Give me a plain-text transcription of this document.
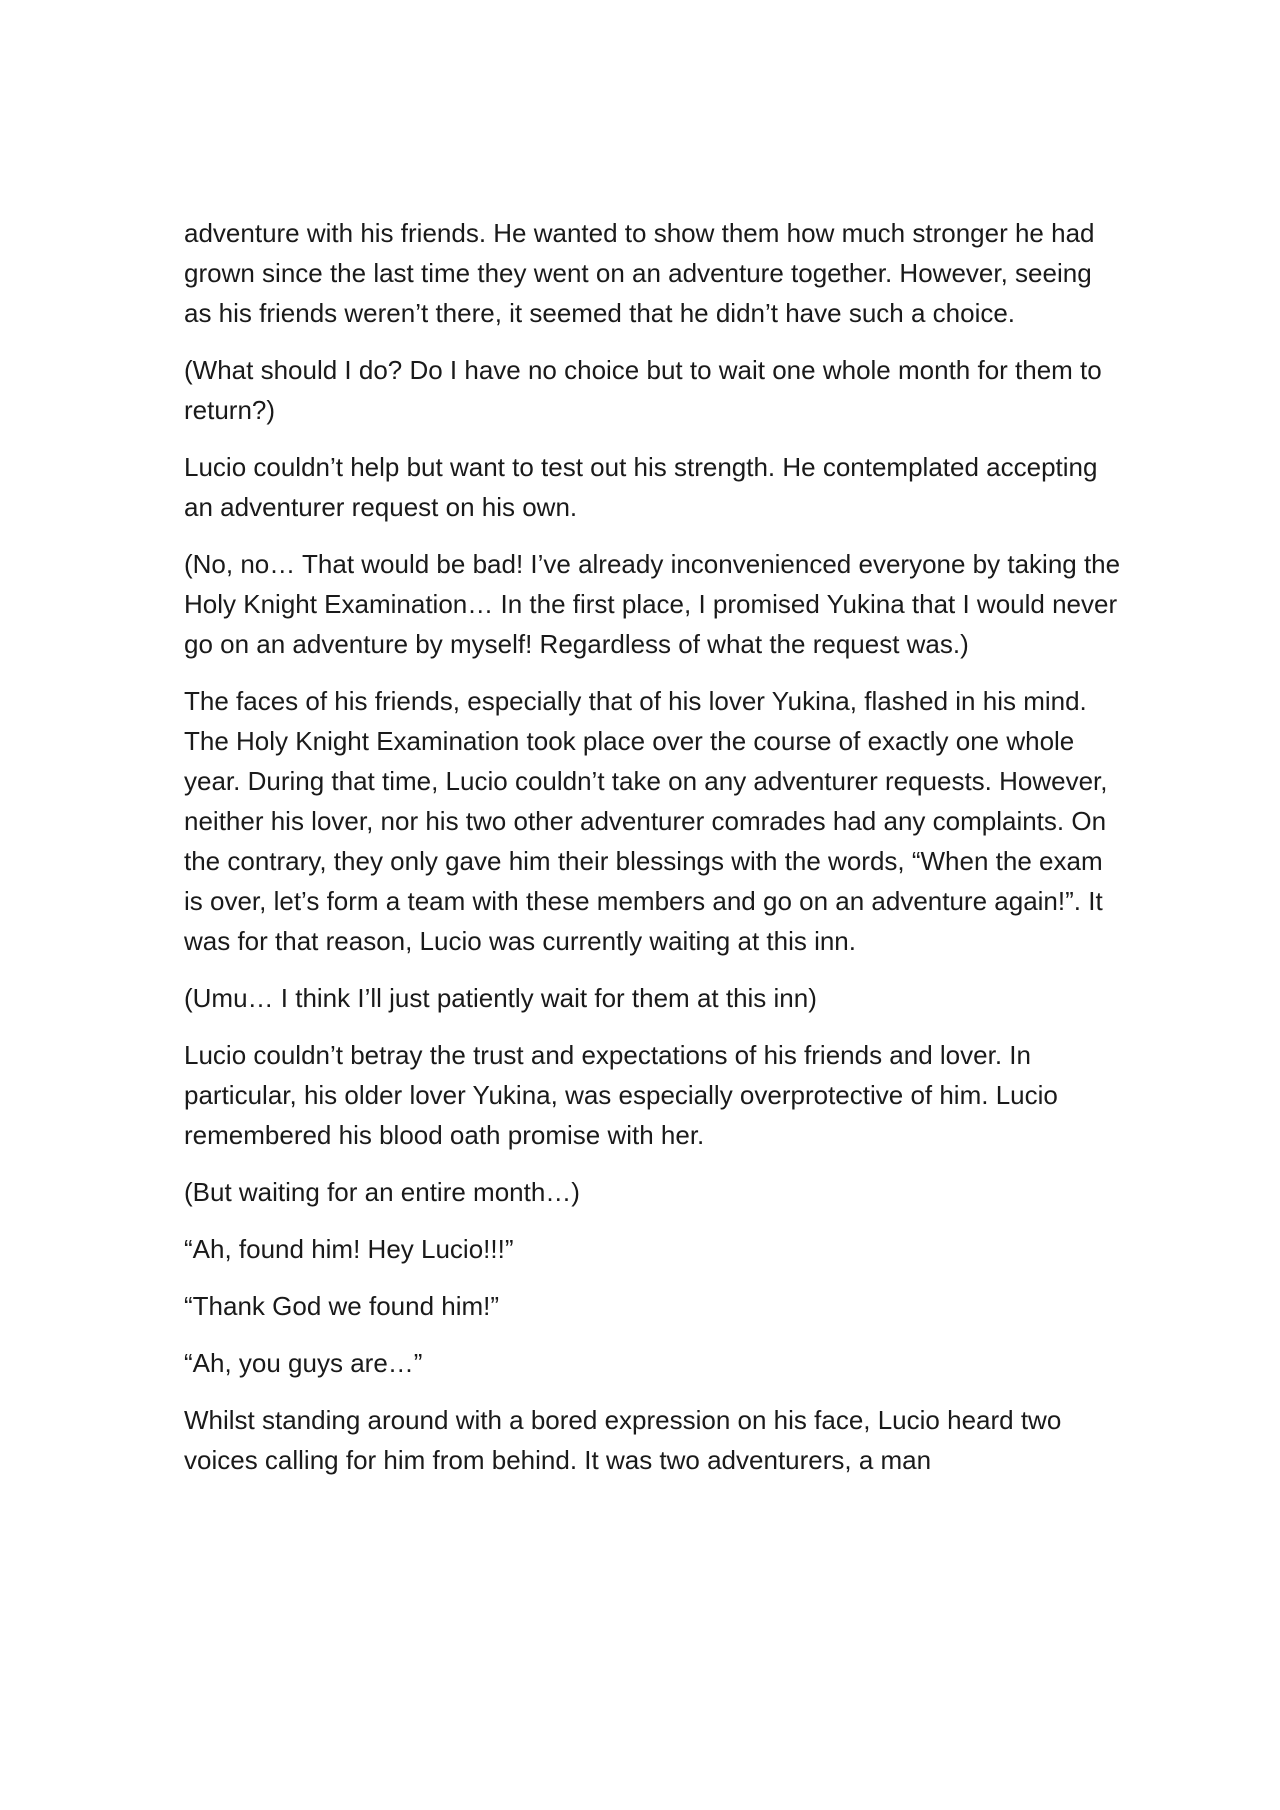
adventure with his friends. He wanted to show them how much stronger he had grown since the last time they went on an adventure together. However, seeing as his friends weren’t there, it seemed that he didn’t have such a choice.

(What should I do? Do I have no choice but to wait one whole month for them to return?)

Lucio couldn’t help but want to test out his strength. He contemplated accepting an adventurer request on his own.

(No, no… That would be bad! I’ve already inconvenienced everyone by taking the Holy Knight Examination… In the first place, I promised Yukina that I would never go on an adventure by myself! Regardless of what the request was.)

The faces of his friends, especially that of his lover Yukina, flashed in his mind. The Holy Knight Examination took place over the course of exactly one whole year. During that time, Lucio couldn’t take on any adventurer requests. However, neither his lover, nor his two other adventurer comrades had any complaints. On the contrary, they only gave him their blessings with the words, “When the exam is over, let’s form a team with these members and go on an adventure again!”. It was for that reason, Lucio was currently waiting at this inn.

(Umu… I think I’ll just patiently wait for them at this inn)

Lucio couldn’t betray the trust and expectations of his friends and lover. In particular, his older lover Yukina, was especially overprotective of him. Lucio remembered his blood oath promise with her.

(But waiting for an entire month…)

“Ah, found him! Hey Lucio!!!”

“Thank God we found him!”

“Ah, you guys are…”

Whilst standing around with a bored expression on his face, Lucio heard two voices calling for him from behind. It was two adventurers, a man
